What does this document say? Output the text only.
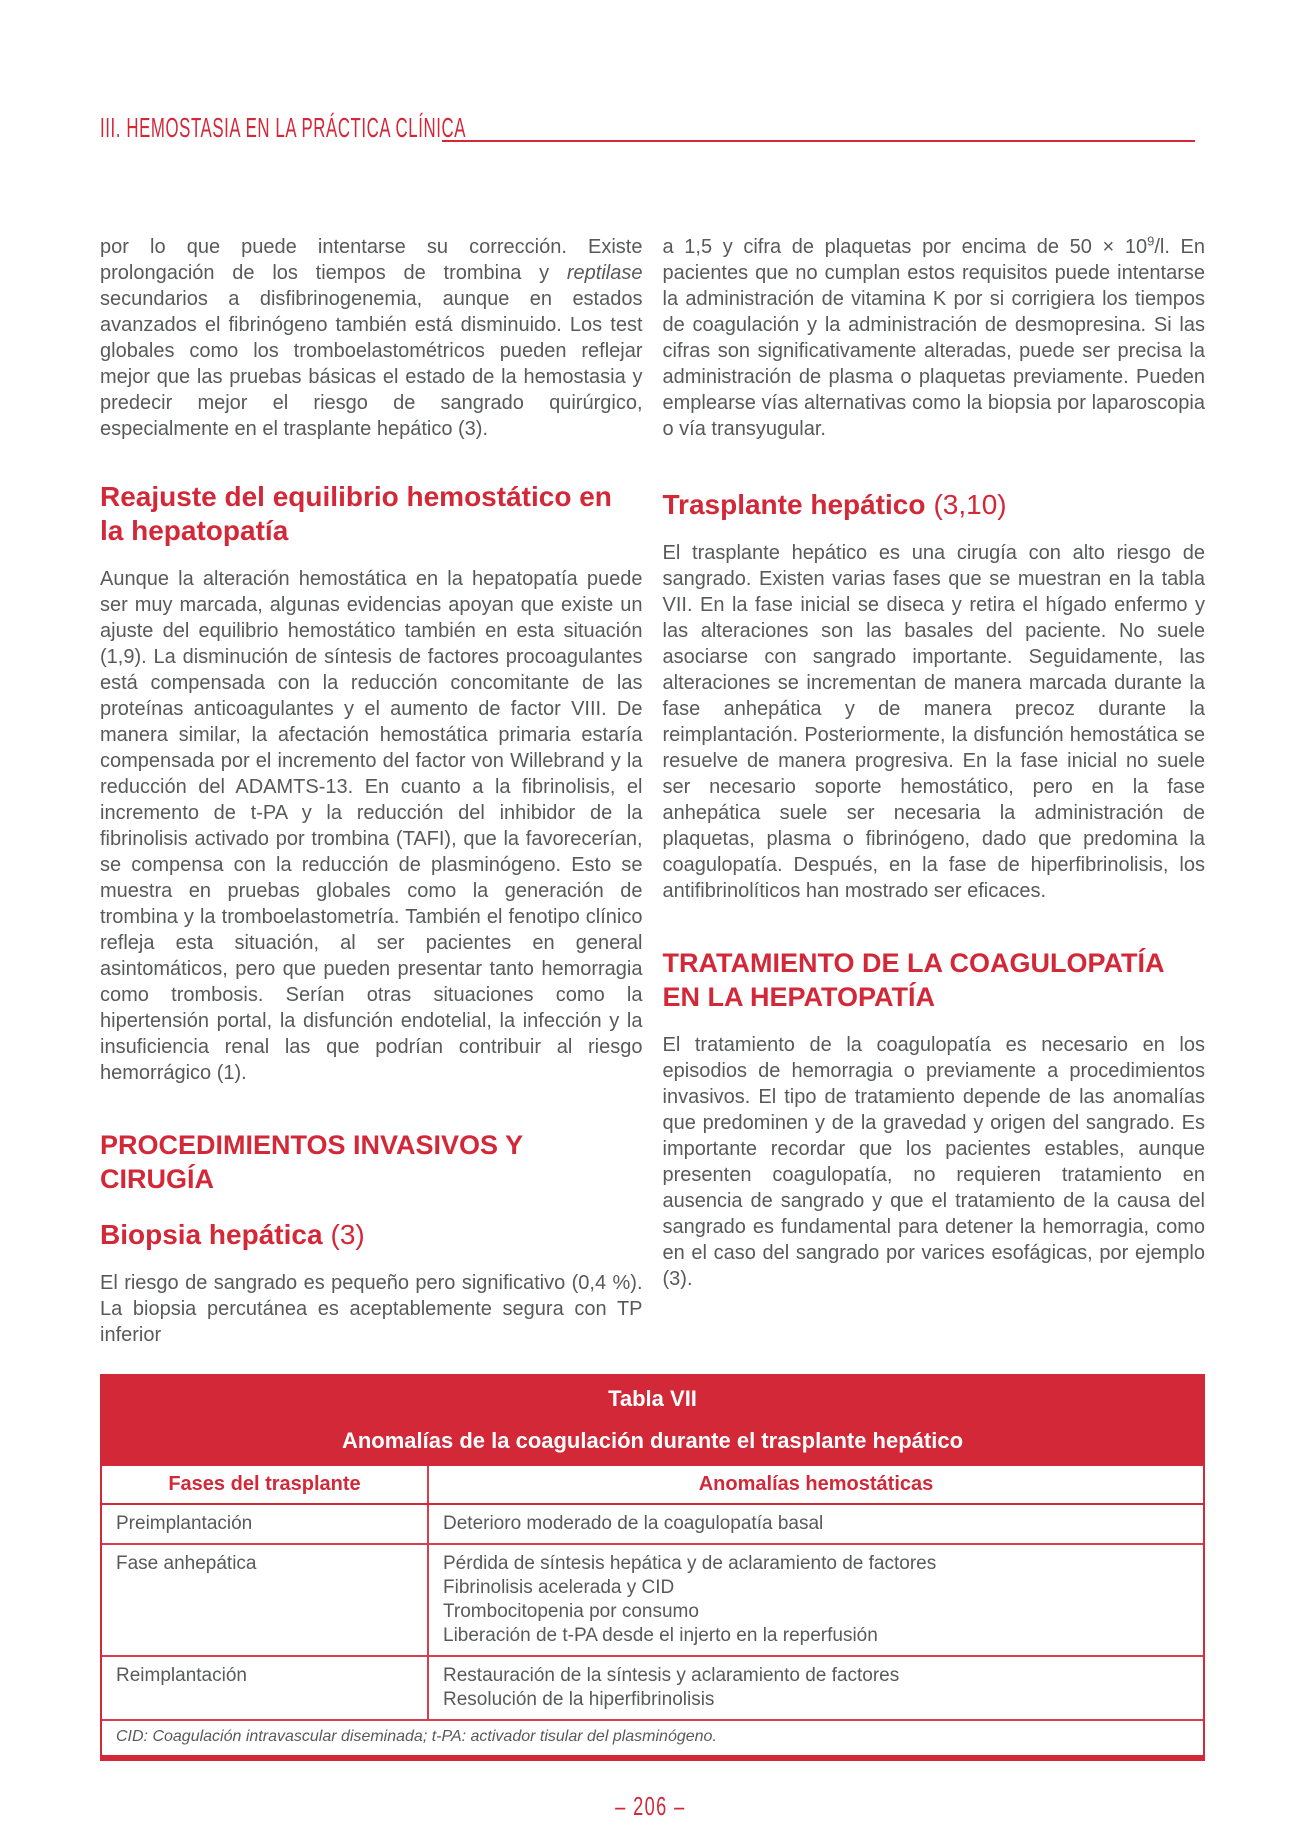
III. HEMOSTASIA EN LA PRÁCTICA CLÍNICA

por lo que puede intentarse su corrección. Existe prolongación de los tiempos de trombina y reptilase secundarios a disfibrinogenemia, aunque en estados avanzados el fibrinógeno también está disminuido. Los test globales como los tromboelastométricos pueden reflejar mejor que las pruebas básicas el estado de la hemostasia y predecir mejor el riesgo de sangrado quirúrgico, especialmente en el trasplante hepático (3).

Reajuste del equilibrio hemostático en la hepatopatía

Aunque la alteración hemostática en la hepatopatía puede ser muy marcada, algunas evidencias apoyan que existe un ajuste del equilibrio hemostático también en esta situación (1,9). La disminución de síntesis de factores procoagulantes está compensada con la reducción concomitante de las proteínas anticoagulantes y el aumento de factor VIII. De manera similar, la afectación hemostática primaria estaría compensada por el incremento del factor von Willebrand y la reducción del ADAMTS-13. En cuanto a la fibrinolisis, el incremento de t-PA y la reducción del inhibidor de la fibrinolisis activado por trombina (TAFI), que la favorecerían, se compensa con la reducción de plasminógeno. Esto se muestra en pruebas globales como la generación de trombina y la tromboelastometría. También el fenotipo clínico refleja esta situación, al ser pacientes en general asintomáticos, pero que pueden presentar tanto hemorragia como trombosis. Serían otras situaciones como la hipertensión portal, la disfunción endotelial, la infección y la insuficiencia renal las que podrían contribuir al riesgo hemorrágico (1).

PROCEDIMIENTOS INVASIVOS Y CIRUGÍA
Biopsia hepática (3)

El riesgo de sangrado es pequeño pero significativo (0,4 %). La biopsia percutánea es aceptablemente segura con TP inferior

a 1,5 y cifra de plaquetas por encima de $50 \times 10^9/l$. En pacientes que no cumplan estos requisitos puede intentarse la administración de vitamina K por si corrigiera los tiempos de coagulación y la administración de desmopresina. Si las cifras son significativamente alteradas, puede ser precisa la administración de plasma o plaquetas previamente. Pueden emplearse vías alternativas como la biopsia por laparoscopia o vía transyugular.

Trasplante hepático (3,10)

El trasplante hepático es una cirugía con alto riesgo de sangrado. Existen varias fases que se muestran en la tabla VII. En la fase inicial se diseca y retira el hígado enfermo y las alteraciones son las basales del paciente. No suele asociarse con sangrado importante. Seguidamente, las alteraciones se incrementan de manera marcada durante la fase anhepática y de manera precoz durante la reimplantación. Posteriormente, la disfunción hemostática se resuelve de manera progresiva. En la fase inicial no suele ser necesario soporte hemostático, pero en la fase anhepática suele ser necesaria la administración de plaquetas, plasma o fibrinógeno, dado que predomina la coagulopatía. Después, en la fase de hiperfibrinolisis, los antifibrinolíticos han mostrado ser eficaces.

TRATAMIENTO DE LA COAGULOPATÍA EN LA HEPATOPATÍA

El tratamiento de la coagulopatía es necesario en los episodios de hemorragia o previamente a procedimientos invasivos. El tipo de tratamiento depende de las anomalías que predominen y de la gravedad y origen del sangrado. Es importante recordar que los pacientes estables, aunque presenten coagulopatía, no requieren tratamiento en ausencia de sangrado y que el tratamiento de la causa del sangrado es fundamental para detener la hemorragia, como en el caso del sangrado por varices esofágicas, por ejemplo (3).

Tabla VII
Anomalías de la coagulación durante el trasplante hepático
Fases del trasplante	Anomalías hemostáticas
Preimplantación	Deterioro moderado de la coagulopatía basal
Fase anhepática	Pérdida de síntesis hepática y de aclaramiento de factores
Fibrinolisis acelerada y CID
Trombocitopenia por consumo
Liberación de t-PA desde el injerto en la reperfusión
Reimplantación	Restauración de la síntesis y aclaramiento de factores
Resolución de la hiperfibrinolisis
CID: Coagulación intravascular diseminada; t-PA: activador tisular del plasminógeno.
– 206 –
